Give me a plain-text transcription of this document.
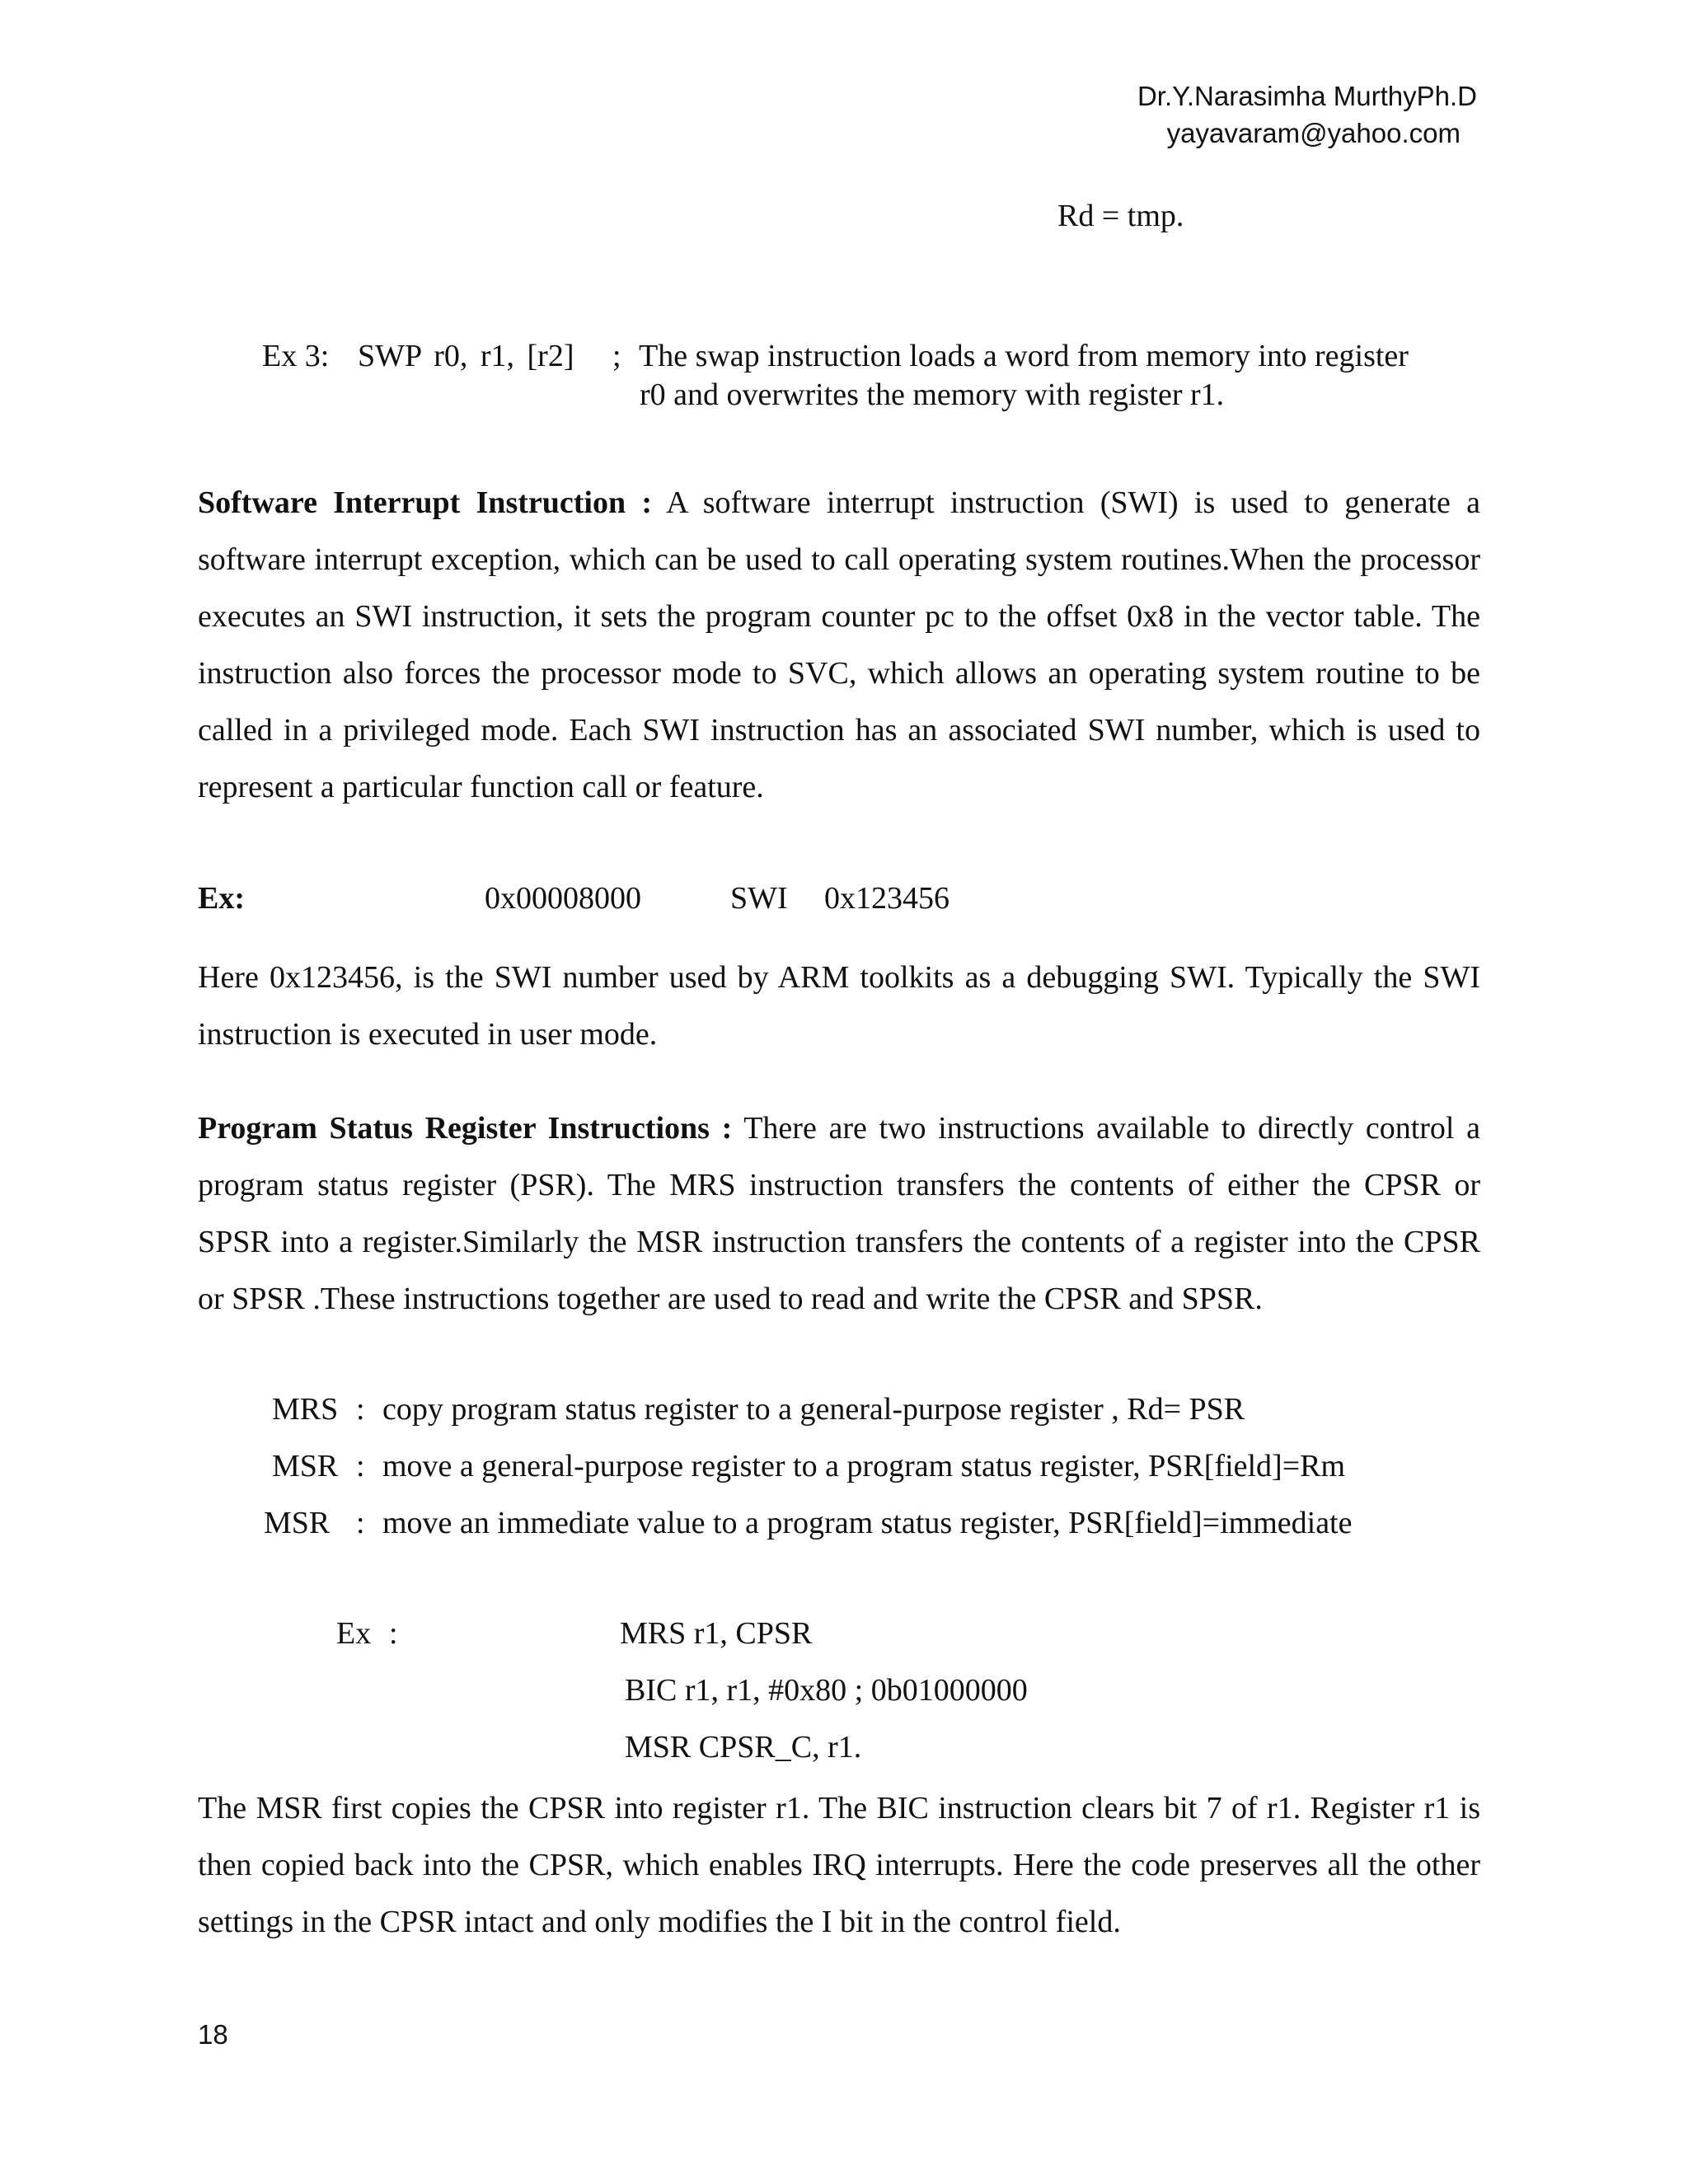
Dr.Y.Narasimha MurthyPh.D
yayavaram@yahoo.com
Rd = tmp.
Ex 3: SWP r0, r1, [r2] ; The swap instruction loads a word from memory into register
r0 and overwrites the memory with register r1.

Software Interrupt Instruction : A software interrupt instruction (SWI) is used to generate a software interrupt exception, which can be used to call operating system routines.When the processor executes an SWI instruction, it sets the program counter pc to the offset 0x8 in the vector table. The instruction also forces the processor mode to SVC, which allows an operating system routine to be called in a privileged mode. Each SWI instruction has an associated SWI number, which is used to represent a particular function call or feature.

Ex:	0x00008000	SWI 0x123456

Here 0x123456, is the SWI number used by ARM toolkits as a debugging SWI. Typically the SWI instruction is executed in user mode.

Program Status Register Instructions : There are two instructions available to directly control a program status register (PSR). The MRS instruction transfers the contents of either the CPSR or SPSR into a register.Similarly the MSR instruction transfers the contents of a register into the CPSR or SPSR .These instructions together are used to read and write the CPSR and SPSR.

MRS : copy program status register to a general-purpose register , Rd= PSR
MSR : move a general-purpose register to a program status register, PSR[field]=Rm
MSR : move an immediate value to a program status register, PSR[field]=immediate
Ex :	MRS r1, CPSR
BIC r1, r1, #0x80 ; 0b01000000
MSR CPSR_C, r1.

The MSR first copies the CPSR into register r1. The BIC instruction clears bit 7 of r1. Register r1 is then copied back into the CPSR, which enables IRQ interrupts. Here the code preserves all the other settings in the CPSR intact and only modifies the I bit in the control field.

18
